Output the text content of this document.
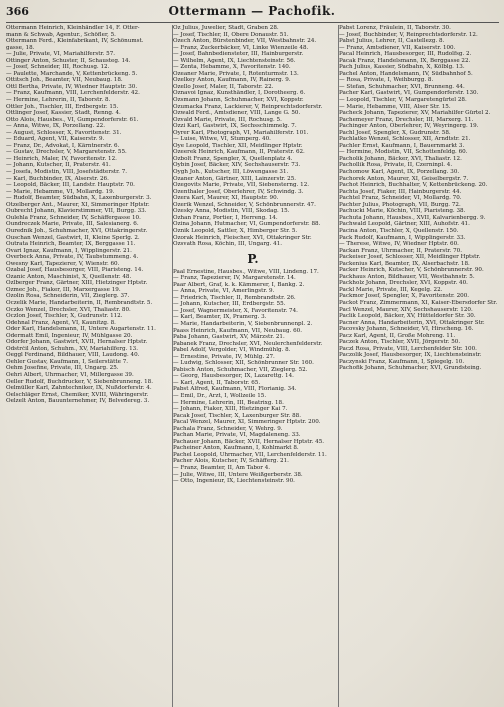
366	Ottermann — Pachofik.
Ottermann Heinrich, Kleinhändler 14, F. Otter-
mann & Schwab, Agentur., Schöfler, 5.
Ottermann Ferd., Kleinfabrikant, IV, Schönumst.
gasse, 18.
— Julie, Private, VI, Mariahilferstr. 57.
Ottinger Anton, Schuster, II, Schausteg. 14.
— Josef, Schneider, III, Rochusg. 12.
— Paulette, Marchande, V, Kettenbrückeng. 5.
Ottitsch Joh., Beamter, VII, Neubaug. 18.
Ottl Bertha, Private, IV, Wiedner Hauptstr. 30.
— Franz, Kaufmann, VIII, Lerchenfelderstr. 42.
— Hermine, Lehrerin, II, Taborstr. 8.
Ottler Joh., Tischler, III, Erdbergstr. 15.
Ottlinger Josef, Kassier, Stadt, Renng. 4.
Otto Alois, Hausbes., VI, Gumpendorferstr. 61.
— Anna, Witwe, IX, Porzellang. 22.
— August, Schlosser, X, Favoritenstr. 31.
— Eduard, Agent, VII, Kaiserstr. 9.
— Franz, Dr., Advokat, I, Kärntnerstr. 6.
— Gustav, Drechsler, V, Margaretenstr. 55.
— Heinrich, Maler, IV, Favoritenstr. 12.
— Johann, Kutscher, II, Praterstr. 41.
— Josefa, Modistin, VIII, Josefstädterstr. 7.
— Karl, Buchbinder, IX, Alserstr. 26.
— Leopold, Bäcker, III, Landstr. Hauptstr. 70.
— Marie, Hebamme, VI, Mollardg. 19.
— Rudolf, Beamter, Südbahn, X, Laxenburgerstr. 3.
Otzelberger Ant., Maurer, XI, Simmeringer Hptstr.
Oubrecht Johann, Klavierstimmer, VII, Burgg. 33.
Oulehla Franz, Schneider, IV, Schäffergasse 10.
Oundreczek Marie, Private, III, Salesianerg. 6.
Ourednik Joh., Schuhmacher, XVI, Ottakringerstr.
Ouschan Wenzel, Gastwirt, II, Kleine Sperlg. 2.
Outrata Heinrich, Beamter, IX, Berggasse 11.
Ovari Ignaz, Kaufmann, I, Wipplingerstr. 21.
Overbeck Anna, Private, IV, Taubstummeng. 4.
Owesny Karl, Tapezierer, V, Wienstr. 60.
Ozabal Josef, Hausbesorger, VIII, Piaristeng. 14.
Ozanic Anton, Maschinist, X, Quellenstr. 48.
Ozlberger Franz, Gärtner, XIII, Hietzinger Hptstr.
Ozmec Joh., Fiaker, III, Marxergasse 19.
Ozolin Rosa, Schneiderin, VII, Zieglerg. 37.
Oczelik Marie, Handarbeiterin, II, Rembrandtstr. 5.
Oczko Wenzel, Drechsler, XVI, Thaliastr. 80.
Oczlon Josef, Tischler, X, Gudrunstr. 112.
Odehnal Franz, Agent, VI, Kaunitzg. 8.
Oder Karl, Handelsmann, II, Untere Augartenstr. 11.
Odermatt Emil, Ingenieur, IV, Mühlgasse 20.
Odorfer Johann, Gastwirt, XVII, Hernalser Hptstr.
Odstrčil Anton, Schuhm., XV, Mariahilferg. 13.
Oeggl Ferdinand, Bildhauer, VIII, Laudong. 40.
Oehler Gustav, Kaufmann, I, Seilerstätte 7.
Oehm Josefine, Private, III, Ungarg. 25.
Oehri Albert, Uhrmacher, VI, Millergasse 39.
Oeller Rudolf, Buchdrucker, V, Siebenbrunneng. 18.
Oelmüller Karl, Zahntechniker, IX, Nußdorferstr. 4.
Oelschläger Ernst, Chemiker, XVIII, Währingerstr.
Oelzelt Anton, Bauunternehmer, IV, Belvedereg. 3.
Oz Julius, Juwelier, Stadt, Graben 28.
— Josef, Tischler, II, Obere Donaustr. 51.
Ozech Anton, Bürstenbinder, VII, Westbahnstr. 24.
— Franz, Zuckerbäcker, VI, Linke Wienzeile 48.
— Josef, Bahnbediensteter, III, Hainburgerstr.
— Wilhelm, Agent, IX, Liechtensteinstr. 56.
— Zenta, Hebamme, X, Favoritenstr. 140.
Ozeaner Marie, Private, I, Rotenturmstr. 13.
Ozelkey Anton, Kaufmann, IV, Rainerg. 9.
Ozello Josef, Maler, II, Taborstr. 22.
Oznavoi Ignaz, Kunsthändler, I, Dorotheerg. 6.
Ozsmann Johann, Schuhmacher, XVI, Koppstr.
Ozumacka Franz, Lackierer, V, Reinprechtsdorferstr.
Ozwald Ferd., Amtsdiener, VIII, Lange G. 50.
Ozvald Marie, Private, III, Rochusg. 5.
Ozzi Karl, Gastwirt, IX, Sechsschimmelg. 7.
Oyrer Karl, Photograph, VI, Mariahilferstr. 101.
— Luise, Witwe, VI, Stumperg. 40.
Oye Leopold, Tischler, XII, Meidlinger Hptstr.
Ozeerek Heinrich, Kaufmann, II, Praterstr. 62.
Ozbolt Franz, Spengler, X, Quellenplatz 4.
Oybin Josef, Bäcker, XIV, Sechshauserstr. 73.
Oygh Joh., Kutscher, III, Löwengasse 31.
Ozaner Anton, Gärtner, XIII, Lainzerstr. 25.
Ozegovits Marie, Private, VII, Siebensterng. 12.
Ozenthaler Josef, Oberlehrer, IV, Schwindg. 3.
Ozera Karl, Maurer, XI, Hauptstr. 90.
Ozerik Wenzel, Schneider, V, Schönbrunnerstr. 47.
Ozesky Anna, Modistin, VIII, Skodag. 15.
Ozhan Franz, Portier, I, Herreng. 14.
Ozina Johann, Hutmacher, VI, Gumpendorferstr. 88.
Oznik Leopold, Sattler, X, Himberger Str. 5.
Ozorak Heinrich, Fleischer, XVI, Ottakringer Str.
Ozsvath Rosa, Köchin, III, Ungarg. 41.
P.
Paal Ernestine, Hausbes., Witwe, VIII, Lindeng. 17.
— Franz, Tapezierer, IV, Margaretenstr. 14.
Paar Albert, Graf, k. k. Kämmerer, I, Bankg. 2.
— Anna, Private, VI, Amerlingstr. 9.
— Friedrich, Tischler, II, Rembrandtstr. 26.
— Johann, Kutscher, III, Erdbergstr. 55.
— Josef, Wagnermeister, X, Favoritenstr. 74.
— Karl, Beamter, IX, Pramerg. 3.
— Marie, Handarbeiterin, V, Siebenbrunnenpl. 2.
Paass Heinrich, Kaufmann, VII, Neubaug. 60.
Paba Johann, Gastwirt, XV, Märzstr. 21.
Pabanek Franz, Drechsler, XVI, Neulerchenfelderstr.
Pabel Adolf, Vergolder, VI, Windmühlg. 8.
— Ernestine, Private, IV, Mühlg. 27.
— Ludwig, Schlosser, XII, Schönbrunner Str. 160.
Pabisch Anton, Schuhmacher, VII, Zieglerg. 52.
— Georg, Hausbesorger, IX, Lazarettg. 14.
— Karl, Agent, II, Taborstr. 65.
Pabst Alfred, Kaufmann, VIII, Florianig. 34.
— Emil, Dr., Arzt, I, Wollzeile 15.
— Hermine, Lehrerin, III, Beatrixg. 18.
— Johann, Fiaker, XIII, Hietzinger Kai 7.
Pacak Josef, Tischler, X, Laxenburger Str. 88.
Pacal Wenzel, Maurer, XI, Simmeringer Hptstr. 200.
Pachala Franz, Schneider, V, Wehrg. 9.
Pachan Marie, Private, VI, Magdaleneng. 33.
Pachauer Johann, Bäcker, XVII, Hernalser Hptstr. 45.
Pacheiner Anton, Kaufmann, I, Kohlmarkt 8.
Pachel Leopold, Uhrmacher, VII, Lerchenfelderstr. 11.
Pacher Alois, Kutscher, IV, Schäfferg. 21.
— Franz, Beamter, II, Am Tabor 4.
— Julie, Witwe, III, Untere Weißgerberstr. 38.
— Otto, Ingenieur, IX, Liechtensteinstr. 90.
Pabst Lorenz, Fräulein, II, Taborstr. 30.
— Josef, Buchbinder, V, Reinprechtsdorferstr. 12.
Pabst Julius, Lehrer, II, Castellezg. 8.
— Franz, Amtsdiener, VII, Kaiserstr. 100.
Pacal Heinrich, Hausbesorger, III, Rudolfsg. 2.
Pacak Franz, Handelsmann, IX, Berggasse 22.
Pach Julius, Kassier, Südbahn, X, Kölblg. 13.
Pachel Anton, Handelsmann, IV, Südbahnhof 5.
— Rosa, Private, I, Weihburgg. 8.
— Stefan, Schuhmacher, XVI, Brunneng. 44.
Pacher Karl, Gastwirt, VI, Gumpendorferstr. 130.
— Leopold, Tischler, V, Margaretengürtel 28.
— Marie, Hebamme, VIII, Alser Str. 15.
Pacheck Johann, Tapezierer, XV, Mariahilfer Gürtel 2.
Pachemeyer Franz, Drechsler, III, Marxerg. 11.
Pachinger Anton, Oberlehrer, IV, Weyringerg. 19.
Pachl Josef, Spengler, X, Gudrunstr. 58.
Pachlatko Wenzel, Schlosser, XII, Arndtstr. 21.
Pachler Ernst, Kaufmann, I, Bauernmarkt 3.
— Hermine, Modistin, VII, Schottenfeldg. 60.
Pacholik Johann, Bäcker, XVI, Thaliastr. 12.
Pachollik Rosa, Private, II, Czerninpl. 4.
Pachomow Karl, Agent, IX, Porzellang. 30.
Pachorek Anton, Maurer, XI, Geiselbergstr. 7.
Pachot Heinrich, Buchhalter, V, Kettenbrückeng. 20.
Pachta Josef, Fiaker, III, Hainburgerstr. 44.
Pachtel Franz, Schneider, VI, Mollardg. 70.
Pachter Julius, Photograph, VII, Burgg. 72.
Pachucki Marie, Köchin, VIII, Piaristeng. 38.
Pachuta Johann, Hausbes., XVII, Kalvarienbergg. 9.
Pachwald Leopold, Gärtner, XIII, Auhofstr. 41.
Pacina Anton, Tischler, X, Quellenstr. 150.
Pack Rudolf, Kaufmann, I, Wipplingerstr. 33.
— Therese, Witwe, IV, Wiedner Hptstr. 60.
Packan Franz, Uhrmacher, II, Praterstr. 70.
Packeiser Josef, Schlosser, XII, Meidlinger Hptstr.
Packenius Karl, Beamter, IX, Alserbachstr. 18.
Packer Heinrich, Kutscher, V, Schönbrunnerstr. 90.
Packhaus Anton, Bildhauer, VII, Westbahnstr. 5.
Packholz Johann, Drechsler, XVI, Koppstr. 40.
Packl Marie, Private, III, Kegelg. 22.
Packmor Josef, Spengler, X, Favoritenstr. 200.
Packot Franz, Zimmermann, XI, Kaiser-Ebersdorfer Str.
Pacl Wenzel, Maurer, XIV, Sechshauserstr. 120.
Paclik Leopold, Bäcker, XV, Hütteldorfer Str. 30.
Pacner Anna, Handarbeiterin, XVI, Ottakringer Str.
Pacovsky Johann, Schneider, VI, Hirscheng. 16.
Pacz Karl, Agent, II, Große Mohreng. 11.
Paczek Anton, Tischler, XVII, Jörgerstr. 50.
Paczl Rosa, Private, VIII, Lerchenfelder Str. 100.
Paczolik Josef, Hausbesorger, IX, Liechtensteinstr.
Paczynski Franz, Kaufmann, I, Spiegelg. 10.
Pachofik Johann, Schuhmacher, XVI, Grundsteing.
